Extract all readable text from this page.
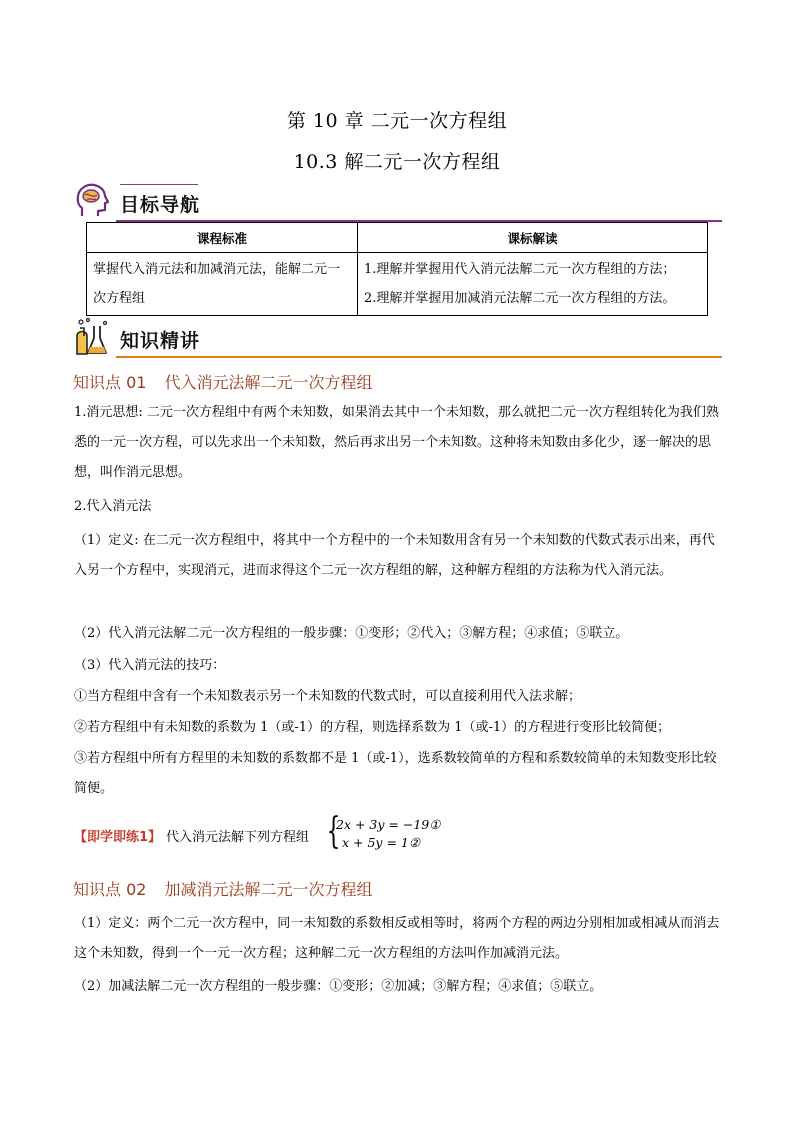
第 10 章 二元一次方程组
10.3 解二元一次方程组
目标导航
课程标准	课标解读
掌握代入消元法和加减消元法，能解二元一次方程组	1.理解并掌握用代入消元法解二元一次方程组的方法；
2.理解并掌握用加减消元法解二元一次方程组的方法。
知识精讲
知识点 01 代入消元法解二元一次方程组
1.消元思想: 二元一次方程组中有两个未知数，如果消去其中一个未知数，那么就把二元一次方程组转化为我们熟悉的一元一次方程，可以先求出一个未知数，然后再求出另一个未知数。这种将未知数由多化少，逐一解决的思想，叫作消元思想。
2.代入消元法
（1）定义: 在二元一次方程组中，将其中一个方程中的一个未知数用含有另一个未知数的代数式表示出来，再代入另一个方程中，实现消元，进而求得这个二元一次方程组的解，这种解方程组的方法称为代入消元法。
（2）代入消元法解二元一次方程组的一般步骤：①变形；②代入；③解方程；④求值；⑤联立。
（3）代入消元法的技巧：
①当方程组中含有一个未知数表示另一个未知数的代数式时，可以直接利用代入法求解；
②若方程组中有未知数的系数为 1（或-1）的方程，则选择系数为 1（或-1）的方程进行变形比较简便；
③若方程组中所有方程里的未知数的系数都不是 1（或-1），选系数较简单的方程和系数较简单的未知数变形比较简便。
【即学即练1】 代入消元法解下列方程组 {
2x + 3y = −19①
x + 5y = 1②
知识点 02 加减消元法解二元一次方程组
（1）定义：两个二元一次方程中，同一未知数的系数相反或相等时，将两个方程的两边分别相加或相减从而消去这个未知数，得到一个一元一次方程；这种解二元一次方程组的方法叫作加减消元法。
（2）加减法解二元一次方程组的一般步骤：①变形；②加减；③解方程；④求值；⑤联立。
